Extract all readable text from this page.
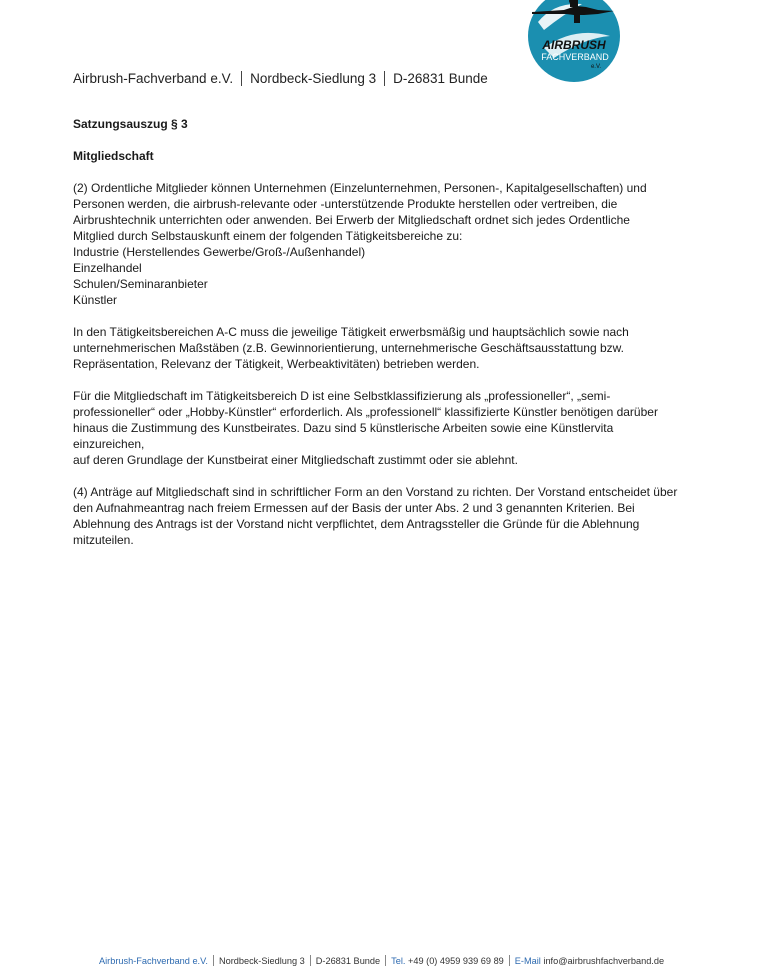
Airbrush-Fachverband e.V. Nordbeck-Siedlung 3 D-26831 Bunde
AIRBRUSH
FACHVERBAND
e.V.

Satzungsauszug § 3

Mitgliedschaft

(2) Ordentliche Mitglieder können Unternehmen (Einzelunternehmen, Personen-, Kapitalgesellschaften) und
Personen werden, die airbrush-relevante oder -unterstützende Produkte herstellen oder vertreiben, die
Airbrushtechnik unterrichten oder anwenden. Bei Erwerb der Mitgliedschaft ordnet sich jedes Ordentliche
Mitglied durch Selbstauskunft einem der folgenden Tätigkeitsbereiche zu:
Industrie (Herstellendes Gewerbe/Groß-/Außenhandel)
Einzelhandel
Schulen/Seminaranbieter
Künstler

In den Tätigkeitsbereichen A-C muss die jeweilige Tätigkeit erwerbsmäßig und hauptsächlich sowie nach
unternehmerischen Maßstäben (z.B. Gewinnorientierung, unternehmerische Geschäftsausstattung bzw.
Repräsentation, Relevanz der Tätigkeit, Werbeaktivitäten) betrieben werden.

Für die Mitgliedschaft im Tätigkeitsbereich D ist eine Selbstklassifizierung als „professioneller“, „semi-
professioneller“ oder „Hobby-Künstler“ erforderlich. Als „professionell“ klassifizierte Künstler benötigen darüber
hinaus die Zustimmung des Kunstbeirates. Dazu sind 5 künstlerische Arbeiten sowie eine Künstlervita einzureichen,
auf deren Grundlage der Kunstbeirat einer Mitgliedschaft zustimmt oder sie ablehnt.

(4) Anträge auf Mitgliedschaft sind in schriftlicher Form an den Vorstand zu richten. Der Vorstand entscheidet über
den Aufnahmeantrag nach freiem Ermessen auf der Basis der unter Abs. 2 und 3 genannten Kriterien. Bei
Ablehnung des Antrags ist der Vorstand nicht verpflichtet, dem Antragssteller die Gründe für die Ablehnung
mitzuteilen.

Airbrush-Fachverband e.V. Nordbeck-Siedlung 3 D-26831 Bunde Tel.
+49 (0) 4959 939 69 89 E-Mail
info@airbrushfachverband.de
